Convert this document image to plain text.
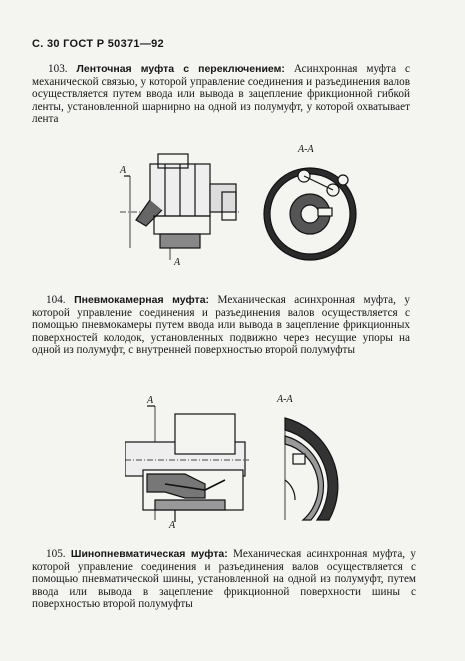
С. 30 ГОСТ Р 50371—92

103. Ленточная муфта с переключением: Асинхронная муфта с механической связью, у которой управление соединения и разъединения валов осуществляется путем ввода или вывода в зацепление фрикционной гибкой ленты, установленной шарнирно на одной из полумуфт, у которой охватывает лента

А
А
А-А

104. Пневмокамерная муфта: Механическая асинхронная муфта, у которой управление соединения и разъединения валов осуществляется с помощью пневмокамеры путем ввода или вывода в зацепление фрикционных поверхностей колодок, установленных подвижно через несущие упоры на одной из полумуфт, с внутренней поверхностью второй полумуфты

А
А
А-А

105. Шинопневматическая муфта: Механическая асинхронная муфта, у которой управление соединения и разъединения валов осуществляется с помощью пневматической шины, установленной на одной из полумуфт, путем ввода или вывода в зацепление фрикционной поверхности шины с поверхностью второй полумуфты
